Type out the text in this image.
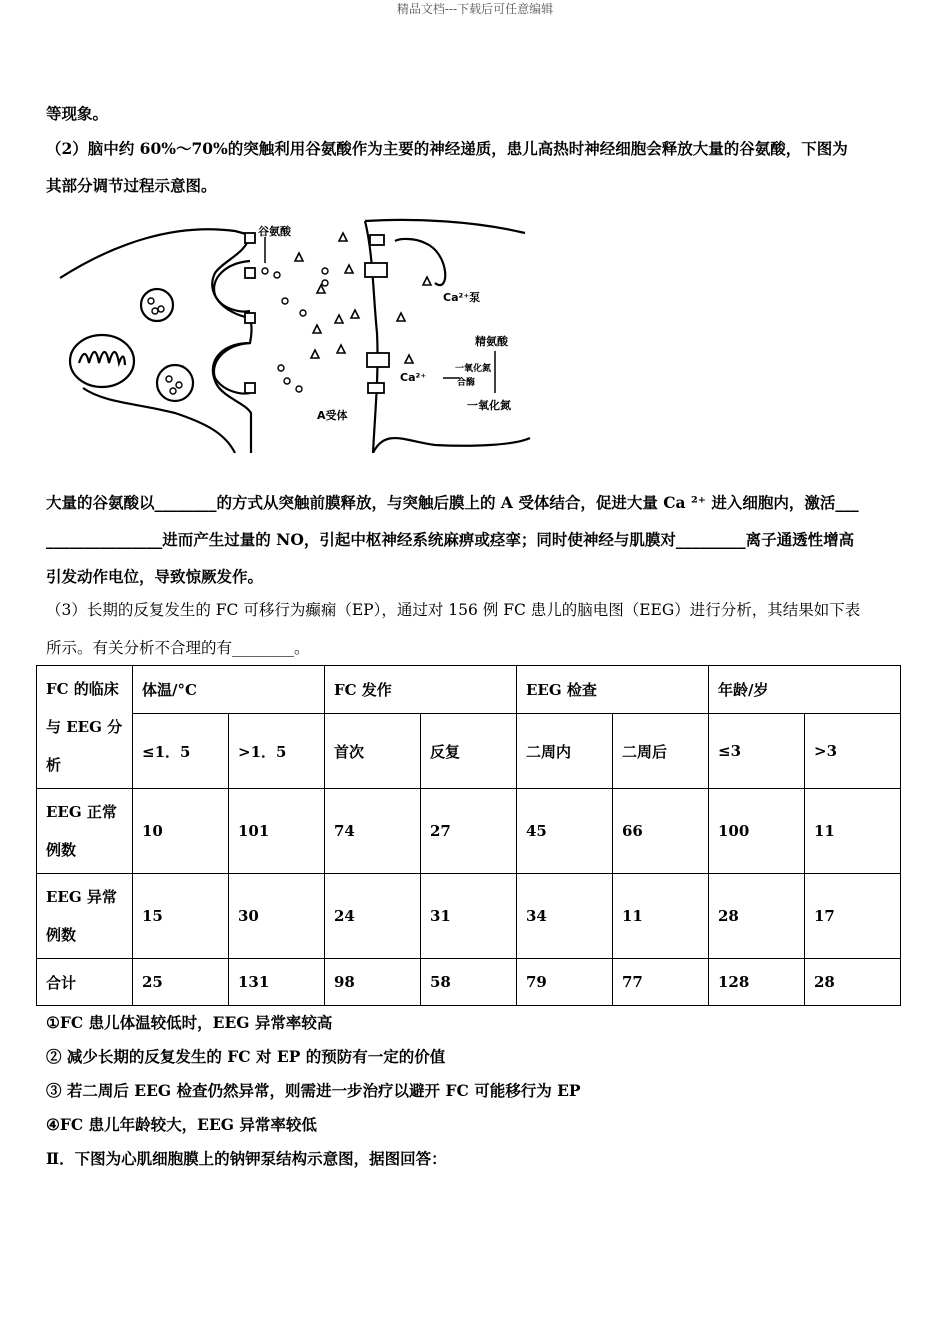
精品文档---下载后可任意编辑
等现象。
（2）脑中约 60%～70%的突触利用谷氨酸作为主要的神经递质，患儿高热时神经细胞会释放大量的谷氨酸，下图为
其部分调节过程示意图。
谷氨酸
Ca²⁺泵
精氨酸
Ca²⁺
一氧化氮
合酶
一氧化氮
A受体
大量的谷氨酸以________的方式从突触前膜释放，与突触后膜上的 A 受体结合，促进大量 Ca ²⁺ 进入细胞内，激活___
_______________进而产生过量的 NO，引起中枢神经系统麻痹或痉挛；同时使神经与肌膜对_________离子通透性增高
引发动作电位，导致惊厥发作。
（3）长期的反复发生的 FC 可移行为癫痫（EP），通过对 156 例 FC 患儿的脑电图（EEG）进行分析，其结果如下表
所示。有关分析不合理的有________。
FC 的临床
与 EEG 分
析	体温/°C		FC 发作		EEG 检查		年龄/岁	
	≤1．5	>1．5	首次	反复	二周内	二周后	≤3	>3

EEG 正常
例数	10	101	74	27	45	66	100	11

EEG 异常
例数	15	30	24	31	34	11	28	17
合计	25	131	98	58	79	77	128	28
①FC 患儿体温较低时，EEG 异常率较高
② 减少长期的反复发生的 FC 对 EP 的预防有一定的价值
③ 若二周后 EEG 检查仍然异常，则需进一步治疗以避开 FC 可能移行为 EP
④FC 患儿年龄较大，EEG 异常率较低
Ⅱ．下图为心肌细胞膜上的钠钾泵结构示意图，据图回答：
